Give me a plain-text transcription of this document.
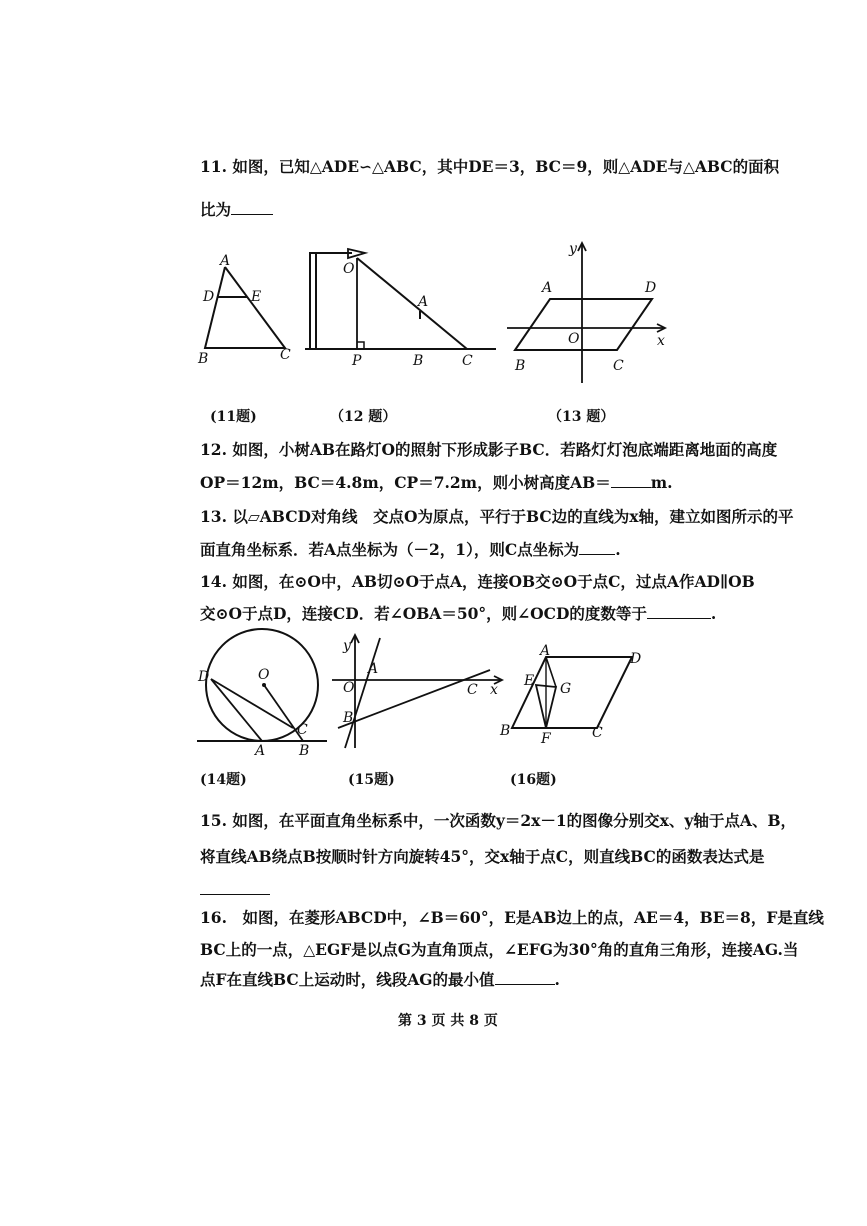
11. 如图，已知△ADE∽△ABC，其中DE＝3，BC＝9，则△ADE与△ABC的面积
比为
A
D	E
B	C
O
A
P	B	C
y
A	D
O	x
B	C
(11题)	（12 题）	（13 题）
12. 如图，小树AB在路灯O的照射下形成影子BC．若路灯灯泡底端距离地面的高度
OP＝12m，BC＝4.8m，CP＝7.2m，则小树高度AB＝	m.
13. 以▱ABCD对角线　交点O为原点，平行于BC边的直线为x轴，建立如图所示的平
面直角坐标系．若A点坐标为（－2，1），则C点坐标为 .
14. 如图，在⊙O中，AB切⊙O于点A，连接OB交⊙O于点C，过点A作AD∥OB
交⊙O于点D，连接CD．若∠OBA＝50°，则∠OCD的度数等于	.
D	O
C
A B
y
A
O
B
C x
A	D
E G
B F	C
(14题)	(15题)	(16题)
15. 如图，在平面直角坐标系中，一次函数y＝2x－1的图像分别交x、y轴于点A、B，
将直线AB绕点B按顺时针方向旋转45°，交x轴于点C，则直线BC的函数表达式是
16.　如图，在菱形ABCD中，∠B＝60°，E是AB边上的点，AE＝4，BE＝8，F是直线
BC上的一点，△EGF是以点G为直角顶点，∠EFG为30°角的直角三角形，连接AG.当
点F在直线BC上运动时，线段AG的最小值	.
第 3 页 共 8 页
